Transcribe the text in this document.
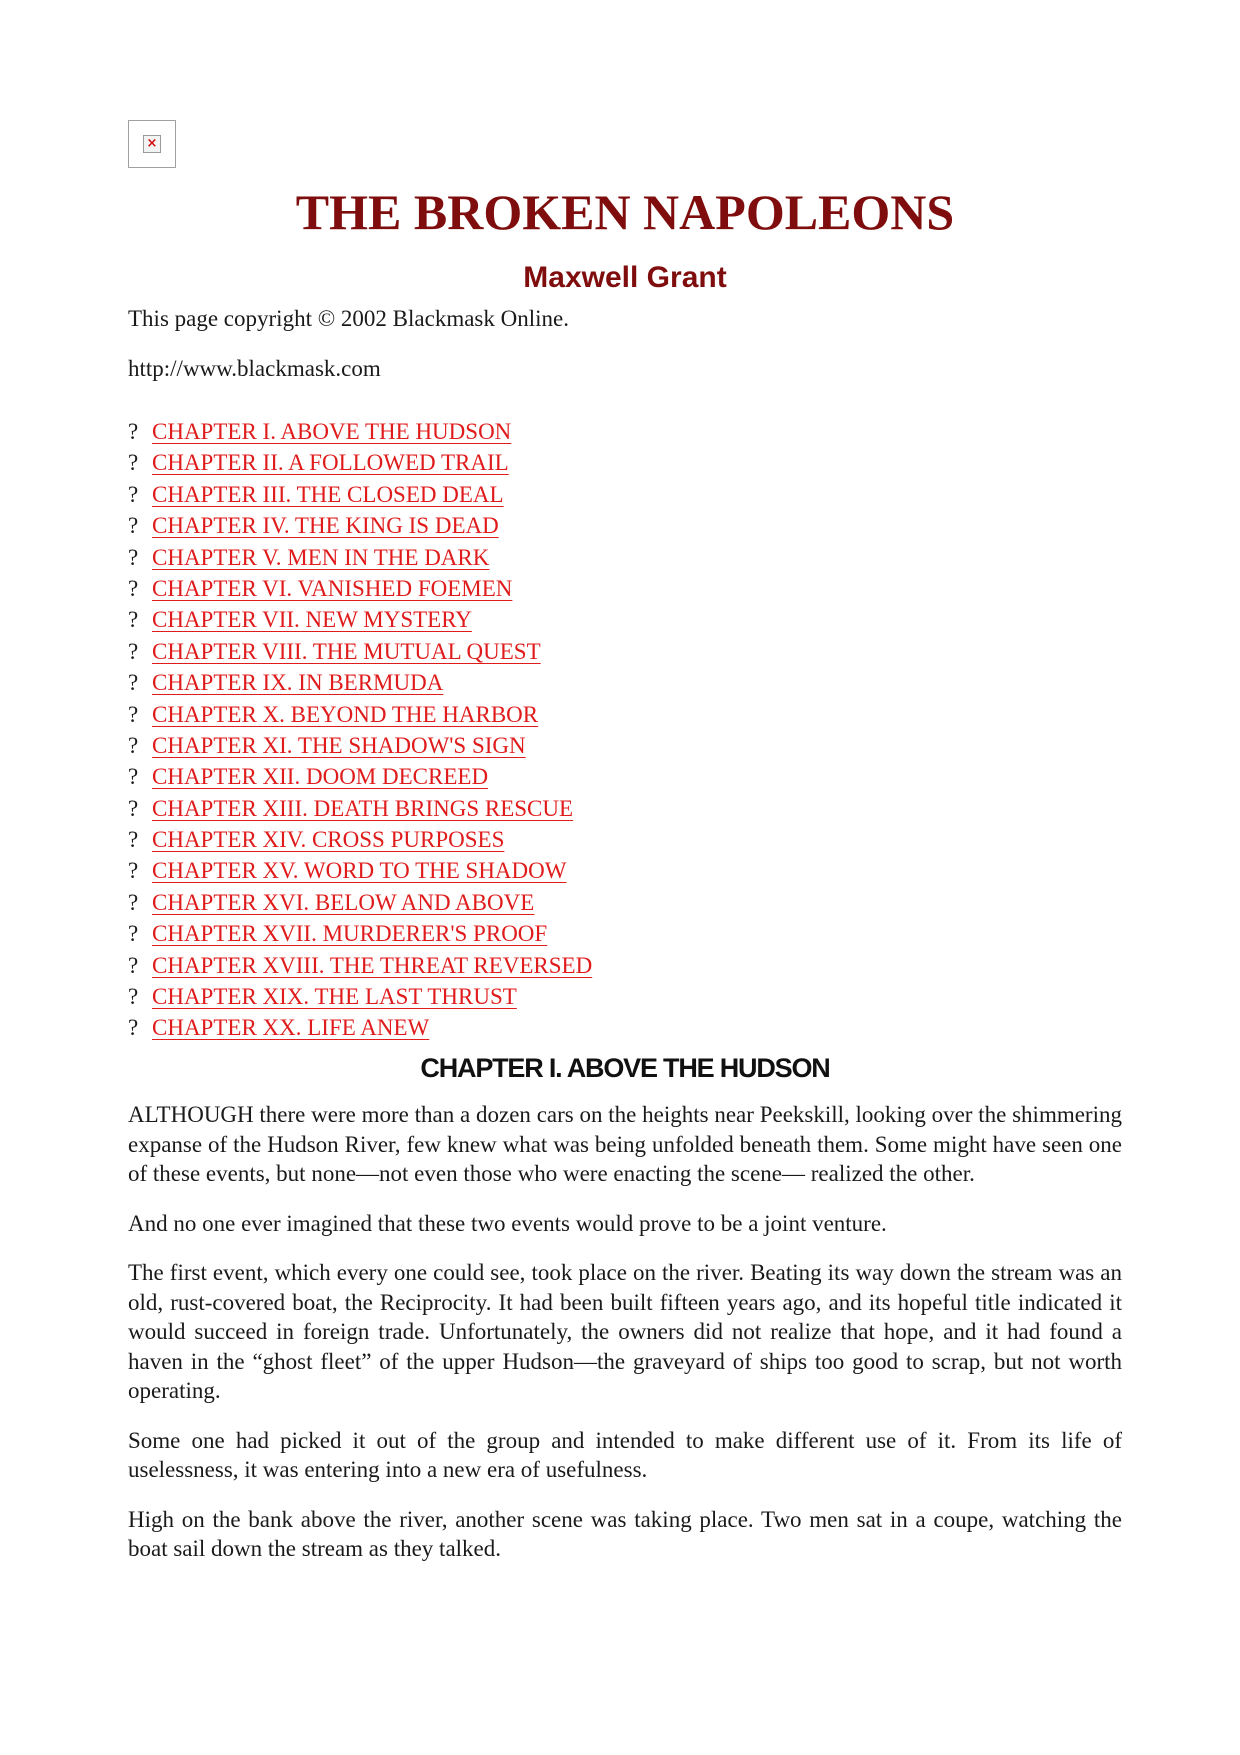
×
THE BROKEN NAPOLEONS
Maxwell Grant

This page copyright © 2002 Blackmask Online.

http://www.blackmask.com

? CHAPTER I. ABOVE THE HUDSON
? CHAPTER II. A FOLLOWED TRAIL
? CHAPTER III. THE CLOSED DEAL
? CHAPTER IV. THE KING IS DEAD
? CHAPTER V. MEN IN THE DARK
? CHAPTER VI. VANISHED FOEMEN
? CHAPTER VII. NEW MYSTERY
? CHAPTER VIII. THE MUTUAL QUEST
? CHAPTER IX. IN BERMUDA
? CHAPTER X. BEYOND THE HARBOR
? CHAPTER XI. THE SHADOW'S SIGN
? CHAPTER XII. DOOM DECREED
? CHAPTER XIII. DEATH BRINGS RESCUE
? CHAPTER XIV. CROSS PURPOSES
? CHAPTER XV. WORD TO THE SHADOW
? CHAPTER XVI. BELOW AND ABOVE
? CHAPTER XVII. MURDERER'S PROOF
? CHAPTER XVIII. THE THREAT REVERSED
? CHAPTER XIX. THE LAST THRUST
? CHAPTER XX. LIFE ANEW
CHAPTER I. ABOVE THE HUDSON

ALTHOUGH there were more than a dozen cars on the heights near Peekskill, looking over the shimmering expanse of the Hudson River, few knew what was being unfolded beneath them. Some might have seen one of these events, but none—not even those who were enacting the scene— realized the other.

And no one ever imagined that these two events would prove to be a joint venture.

The first event, which every one could see, took place on the river. Beating its way down the stream was an old, rust-covered boat, the Reciprocity. It had been built fifteen years ago, and its hopeful title indicated it would succeed in foreign trade. Unfortunately, the owners did not realize that hope, and it had found a haven in the “ghost fleet” of the upper Hudson—the graveyard of ships too good to scrap, but not worth operating.

Some one had picked it out of the group and intended to make different use of it. From its life of uselessness, it was entering into a new era of usefulness.

High on the bank above the river, another scene was taking place. Two men sat in a coupe, watching the boat sail down the stream as they talked.
